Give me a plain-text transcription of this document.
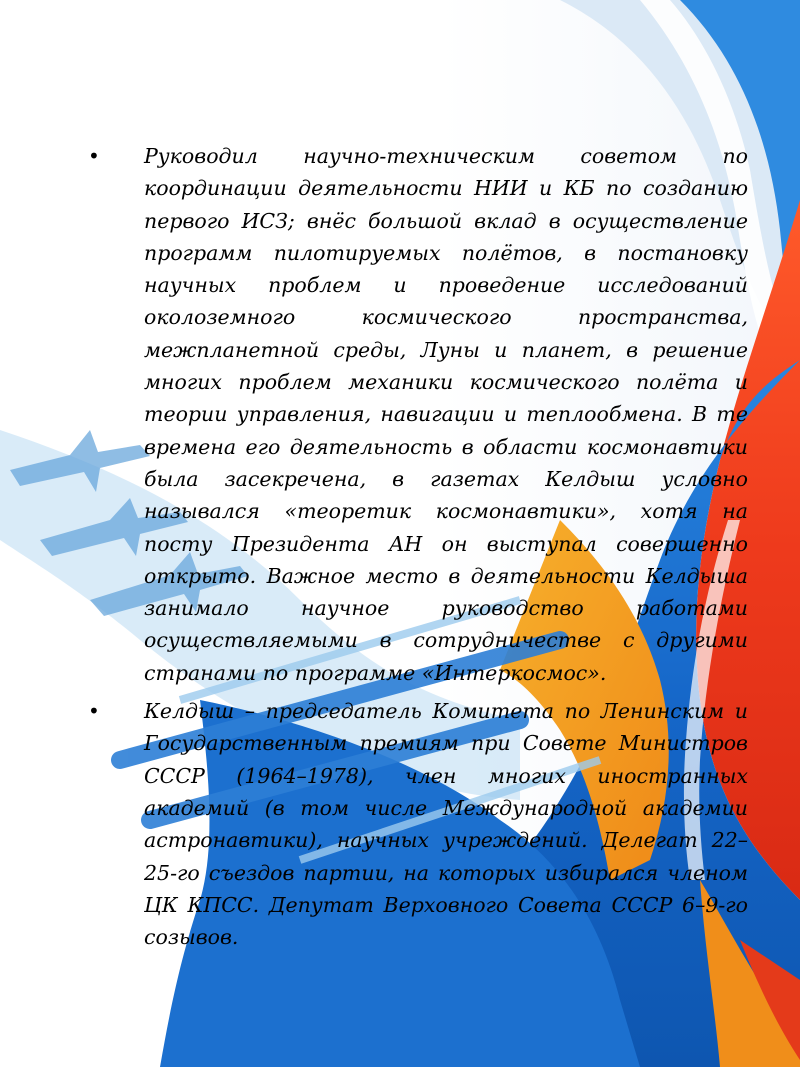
• Руководил научно-техническим советом по координации деятельности НИИ и КБ по созданию первого ИСЗ; внёс большой вклад в осуществление программ пилотируемых полётов, в постановку научных проблем и проведение исследований околоземного космического пространства, межпланетной среды, Луны и планет, в решение многих проблем механики космического полёта и теории управления, навигации и теплообмена. В те времена его деятельность в области космонавтики была засекречена, в газетах Келдыш условно назывался «теоретик космонавтики», хотя на посту Президента АН он выступал совершенно открыто. Важное место в деятельности Келдыша занимало научное руководство работами осуществляемыми в сотрудничестве с другими странами по программе «Интеркосмос».
• Келдыш – председатель Комитета по Ленинским и Государственным премиям при Совете Министров СССР (1964–1978), член многих иностранных академий (в том числе Международной академии астронавтики), научных учреждений. Делегат 22–25-го съездов партии, на которых избирался членом ЦК КПСС. Депутат Верховного Совета СССР 6–9-го созывов.
